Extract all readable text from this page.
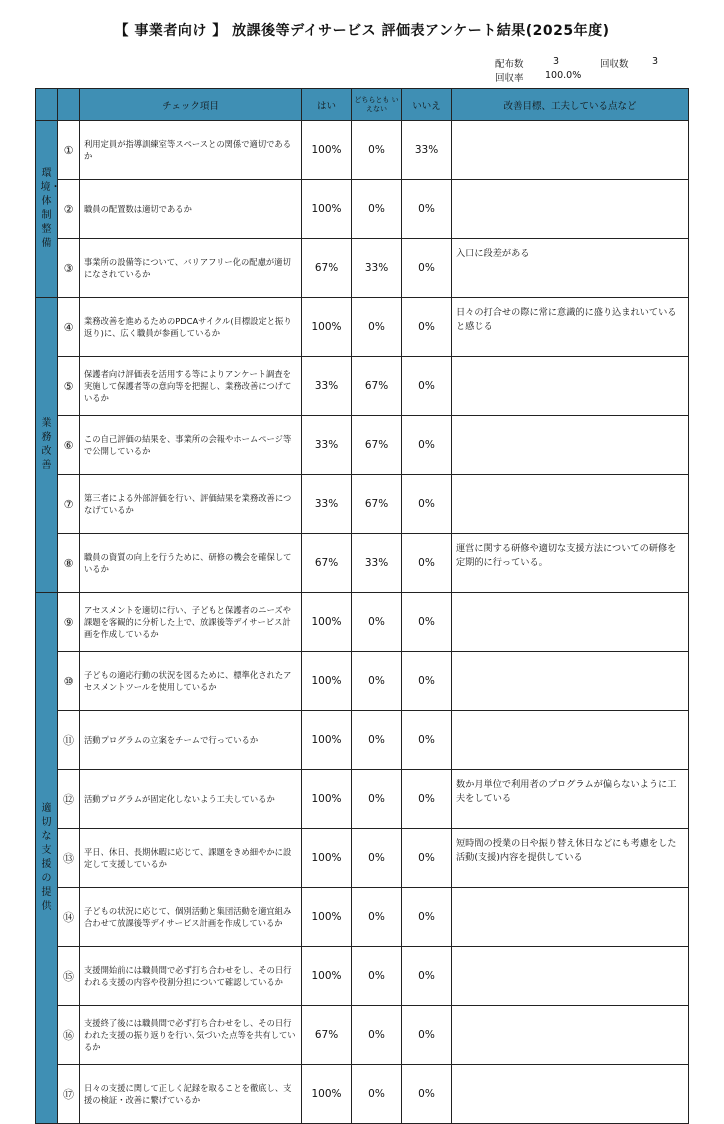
【 事業者向け 】 放課後等デイサービス 評価表アンケート結果(2025年度)
配布数	3	回収数 3
回収率 100.0%
		チェック項目	はい	どちらとも いえない	いいえ	改善目標、工夫している点など
環境・体制整備	①	利用定員が指導訓練室等スペースとの関係で適切であるか	100%	0%	33%	
	②	職員の配置数は適切であるか	100%	0%	0%	
	③	事業所の設備等について、バリアフリー化の配慮が適切になされているか	67%	33%	0%	入口に段差がある
業務改善	④	業務改善を進めるためのPDCAサイクル(目標設定と振り返り)に、広く職員が参画しているか	100%	0%	0%	日々の打合せの際に常に意識的に盛り込まれいていると感じる
	⑤	保護者向け評価表を活用する等によりアンケート調査を実施して保護者等の意向等を把握し、業務改善につげているか	33%	67%	0%	
	⑥	この自己評価の結果を、事業所の会報やホームページ等で公開しているか	33%	67%	0%	
	⑦	第三者による外部評価を行い、評価結果を業務改善につなげているか	33%	67%	0%	
	⑧	職員の資質の向上を行うために、研修の機会を確保しているか	67%	33%	0%	運営に関する研修や適切な支援方法についての研修を定期的に行っている。
適切な支援の提供	⑨	アセスメントを適切に行い、子どもと保護者のニーズや課題を客観的に分析した上で、放課後等デイサービス計画を作成しているか	100%	0%	0%	
	⑩	子どもの適応行動の状況を図るために、標準化されたアセスメントツールを使用しているか	100%	0%	0%	
	⑪	活動プログラムの立案をチームで行っているか	100%	0%	0%	
	⑫	活動プログラムが固定化しないよう工夫しているか	100%	0%	0%	数か月単位で利用者のプログラムが偏らないように工夫をしている
	⑬	平日、休日、長期休暇に応じて、課題をきめ細やかに設定して支援しているか	100%	0%	0%	短時間の授業の日や振り替え休日などにも考慮をした活動(支援)内容を提供している
	⑭	子どもの状況に応じて、個別活動と集団活動を適宜組み合わせて放課後等デイサービス計画を作成しているか	100%	0%	0%	
	⑮	支援開始前には職員間で必ず打ち合わせをし、その日行われる支援の内容や役割分担について確認しているか	100%	0%	0%	
	⑯	支援終了後には職員間で必ず打ち合わせをし、その日行われた支援の振り返りを行い､気づいた点等を共有しているか	67%	0%	0%	
	⑰	日々の支援に関して正しく記録を取ることを徹底し、支援の検証・改善に繋げているか	100%	0%	0%	
